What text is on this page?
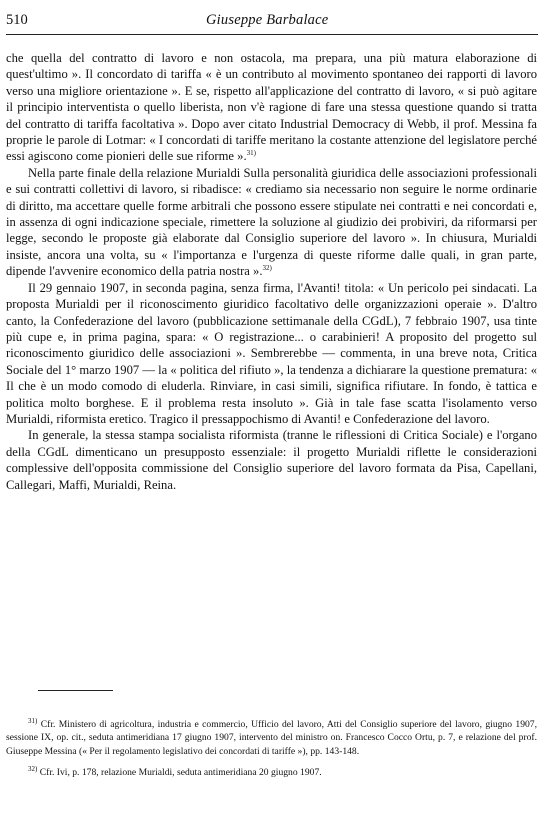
510	Giuseppe Barbalace

che quella del contratto di lavoro e non ostacola, ma prepara, una più matura elaborazione di quest'ultimo ». Il concordato di tariffa « è un contributo al movimento spontaneo dei rapporti di lavoro verso una migliore orientazione ». E se, rispetto all'applicazione del contratto di lavoro, « si può agitare il principio interventista o quello liberista, non v'è ragione di fare una stessa questione quando si tratta del contratto di tariffa facoltativa ». Dopo aver citato Industrial Democracy di Webb, il prof. Messina fa proprie le parole di Lotmar: « I concordati di tariffe meritano la costante attenzione del legislatore perché essi agiscono come pionieri delle sue riforme ».$^{31)}$

Nella parte finale della relazione Murialdi Sulla personalità giuridica delle associazioni professionali e sui contratti collettivi di lavoro, si ribadisce: « crediamo sia necessario non seguire le norme ordinarie di diritto, ma accettare quelle forme arbitrali che possono essere stipulate nei contratti e nei concordati e, in assenza di ogni indicazione speciale, rimettere la soluzione al giudizio dei probiviri, da riformarsi per legge, secondo le proposte già elaborate dal Consiglio superiore del lavoro ». In chiusura, Murialdi insiste, ancora una volta, su « l'importanza e l'urgenza di queste riforme dalle quali, in gran parte, dipende l'avvenire economico della patria nostra ».$^{32)}$

Il 29 gennaio 1907, in seconda pagina, senza firma, l'Avanti! titola: « Un pericolo pei sindacati. La proposta Murialdi per il riconoscimento giuridico facoltativo delle organizzazioni operaie ». D'altro canto, la Confederazione del lavoro (pubblicazione settimanale della CGdL), 7 febbraio 1907, usa tinte più cupe e, in prima pagina, spara: « O registrazione... o carabinieri! A proposito del progetto sul riconoscimento giuridico delle associazioni ». Sembrerebbe — commenta, in una breve nota, Critica Sociale del 1° marzo 1907 — la « politica del rifiuto », la tendenza a dichiarare la questione prematura: « Il che è un modo comodo di eluderla. Rinviare, in casi simili, significa rifiutare. In fondo, è tattica e politica molto borghese. E il problema resta insoluto ». Già in tale fase scatta l'isolamento verso Murialdi, riformista eretico. Tragico il pressappochismo di Avanti! e Confederazione del lavoro.

In generale, la stessa stampa socialista riformista (tranne le riflessioni di Critica Sociale) e l'organo della CGdL dimenticano un presupposto essenziale: il progetto Murialdi riflette le considerazioni complessive dell'opposita commissione del Consiglio superiore del lavoro formata da Pisa, Capellani, Callegari, Maffi, Murialdi, Reina.

$^{31)}$ Cfr. Ministero di agricoltura, industria e commercio, Ufficio del lavoro, Atti del Consiglio superiore del lavoro, giugno 1907, sessione IX, op. cit., seduta antimeridiana 17 giugno 1907, intervento del ministro on. Francesco Cocco Ortu, p. 7, e relazione del prof. Giuseppe Messina (« Per il regolamento legislativo dei concordati di tariffe »), pp. 143-148.

$^{32)}$ Cfr. Ivi, p. 178, relazione Murialdi, seduta antimeridiana 20 giugno 1907.
